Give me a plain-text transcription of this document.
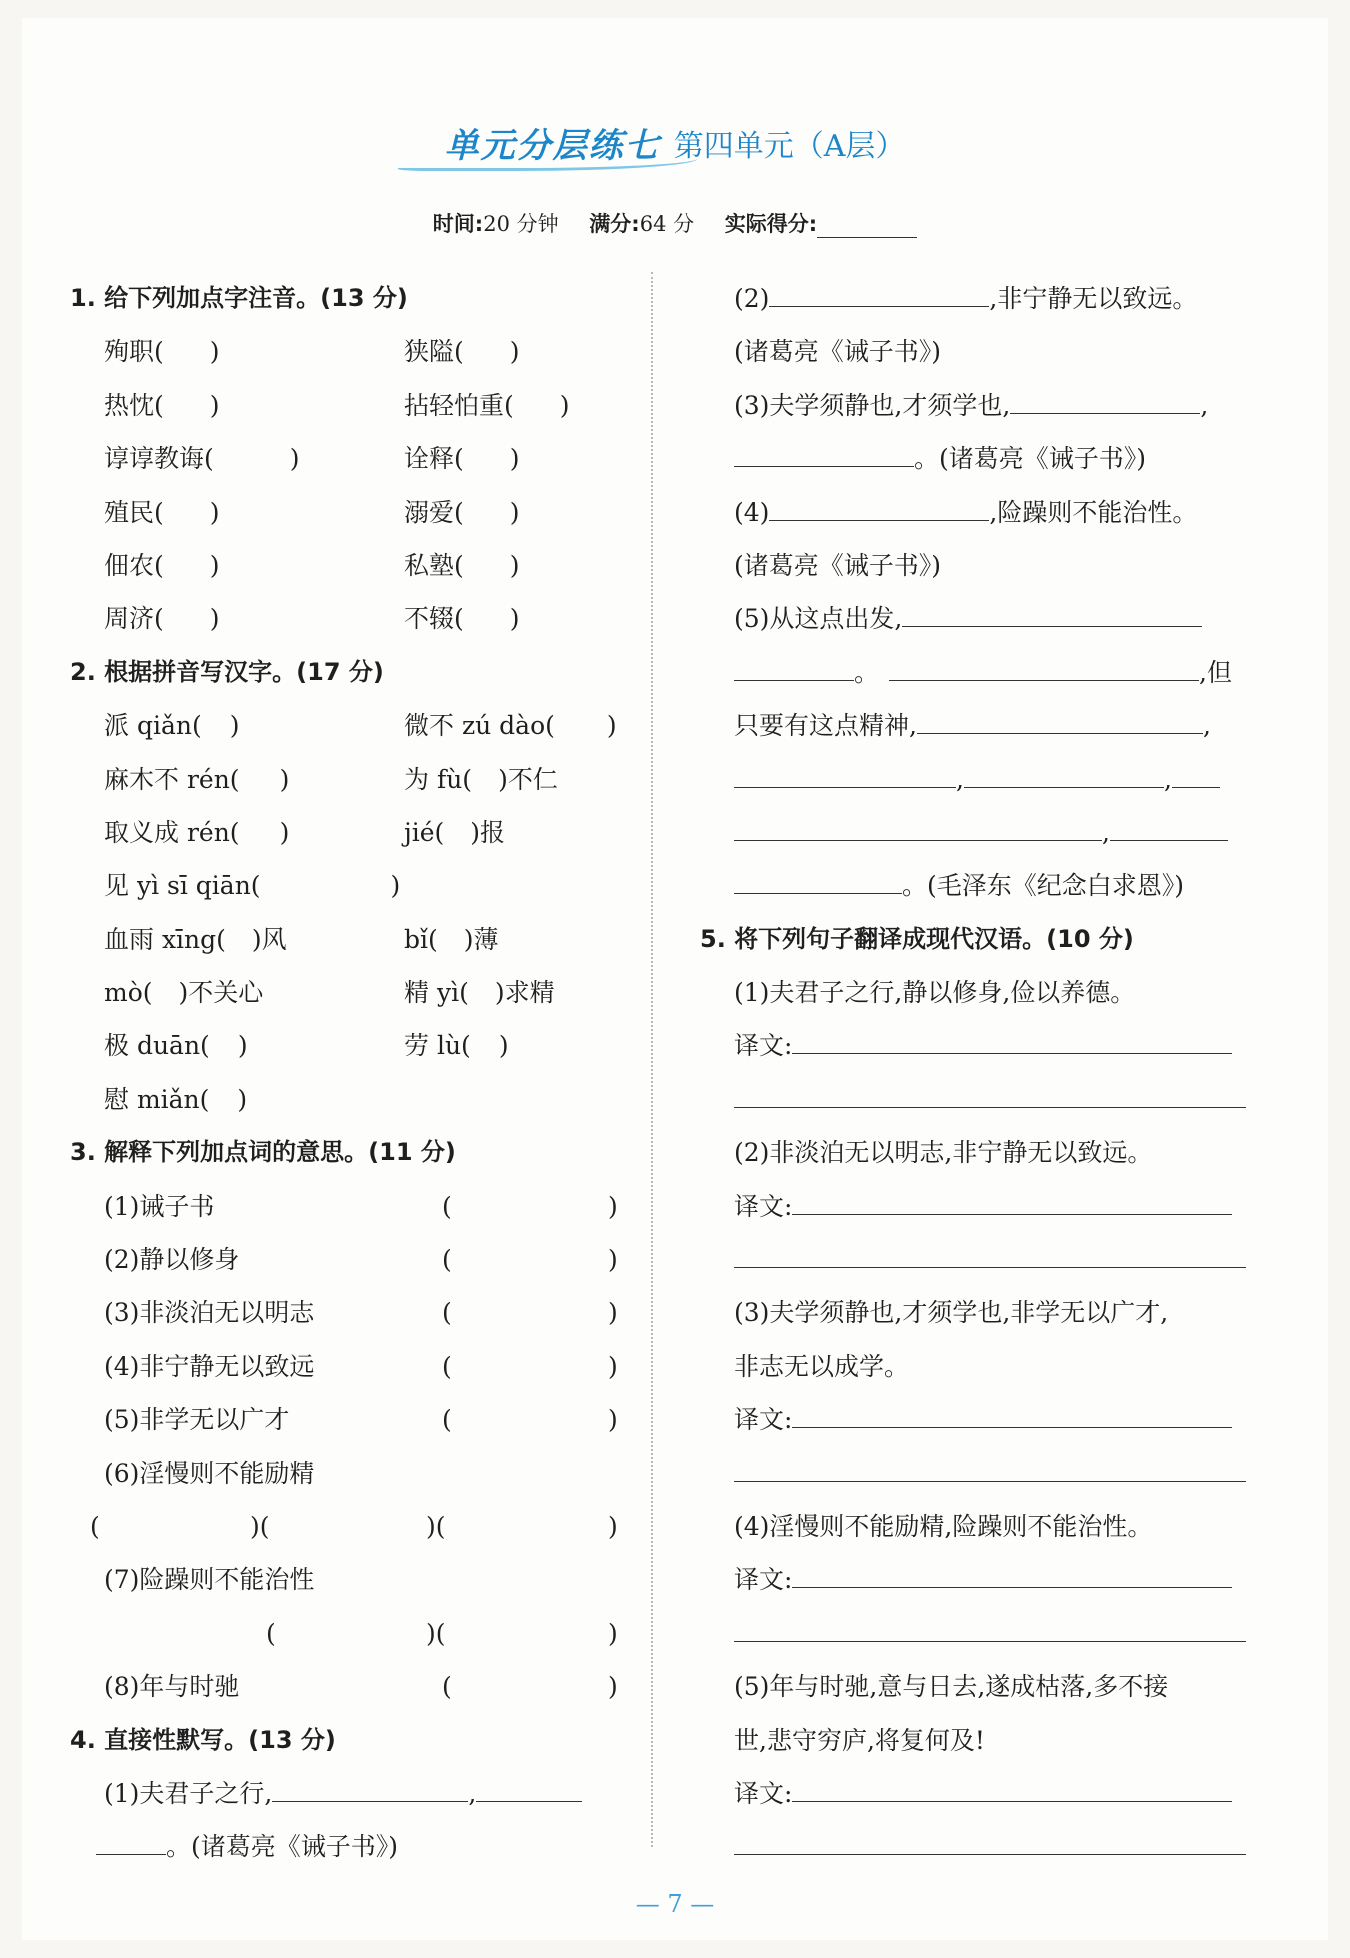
单元分层练七 第四单元（A层）
时间:20 分钟 满分:64 分 实际得分:
1. 给下列加点字注音。(13 分)
殉职( )	狭隘( )
热忱( )	拈轻怕重( )
谆谆教诲(	)	诠释( )
殖民( )	溺爱( )
佃农( )	私塾( )
周济( )	不辍( )
2. 根据拼音写汉字。(17 分)
派 qiǎn( )	微不 zú dào( )
麻木不 rén( )	为 fù( )不仁
取义成 rén( )	jié( )报
见 yì sī qiān(	)
血雨 xīng( )风	bǐ( )薄
mò( )不关心	精 yì( )求精
极 duān( )	劳 lù( )
慰 miǎn( )
3. 解释下列加点词的意思。(11 分)
(1)诫子书	(	)
(2)静以修身	(	)
(3)非淡泊无以明志	(	)
(4)非宁静无以致远	(	)
(5)非学无以广才	(	)
(6)淫慢则不能励精
(	)(	)(	)
(7)险躁则不能治性
(	)(	)
(8)年与时驰	(	)
4. 直接性默写。(13 分)
(1)夫君子之行,	,
。(诸葛亮《诫子书》)
(2)	,非宁静无以致远。
(诸葛亮《诫子书》)
(3)夫学须静也,才须学也,	,
。(诸葛亮《诫子书》)
(4)	,险躁则不能治性。
(诸葛亮《诫子书》)
(5)从这点出发,
。	,但
只要有这点精神,	,
,	,
,
。(毛泽东《纪念白求恩》)
5. 将下列句子翻译成现代汉语。(10 分)
(1)夫君子之行,静以修身,俭以养德。
译文:
(2)非淡泊无以明志,非宁静无以致远。
译文:
(3)夫学须静也,才须学也,非学无以广才,
非志无以成学。
译文:
(4)淫慢则不能励精,险躁则不能治性。
译文:
(5)年与时驰,意与日去,遂成枯落,多不接
世,悲守穷庐,将复何及!
译文:
— 7 —
